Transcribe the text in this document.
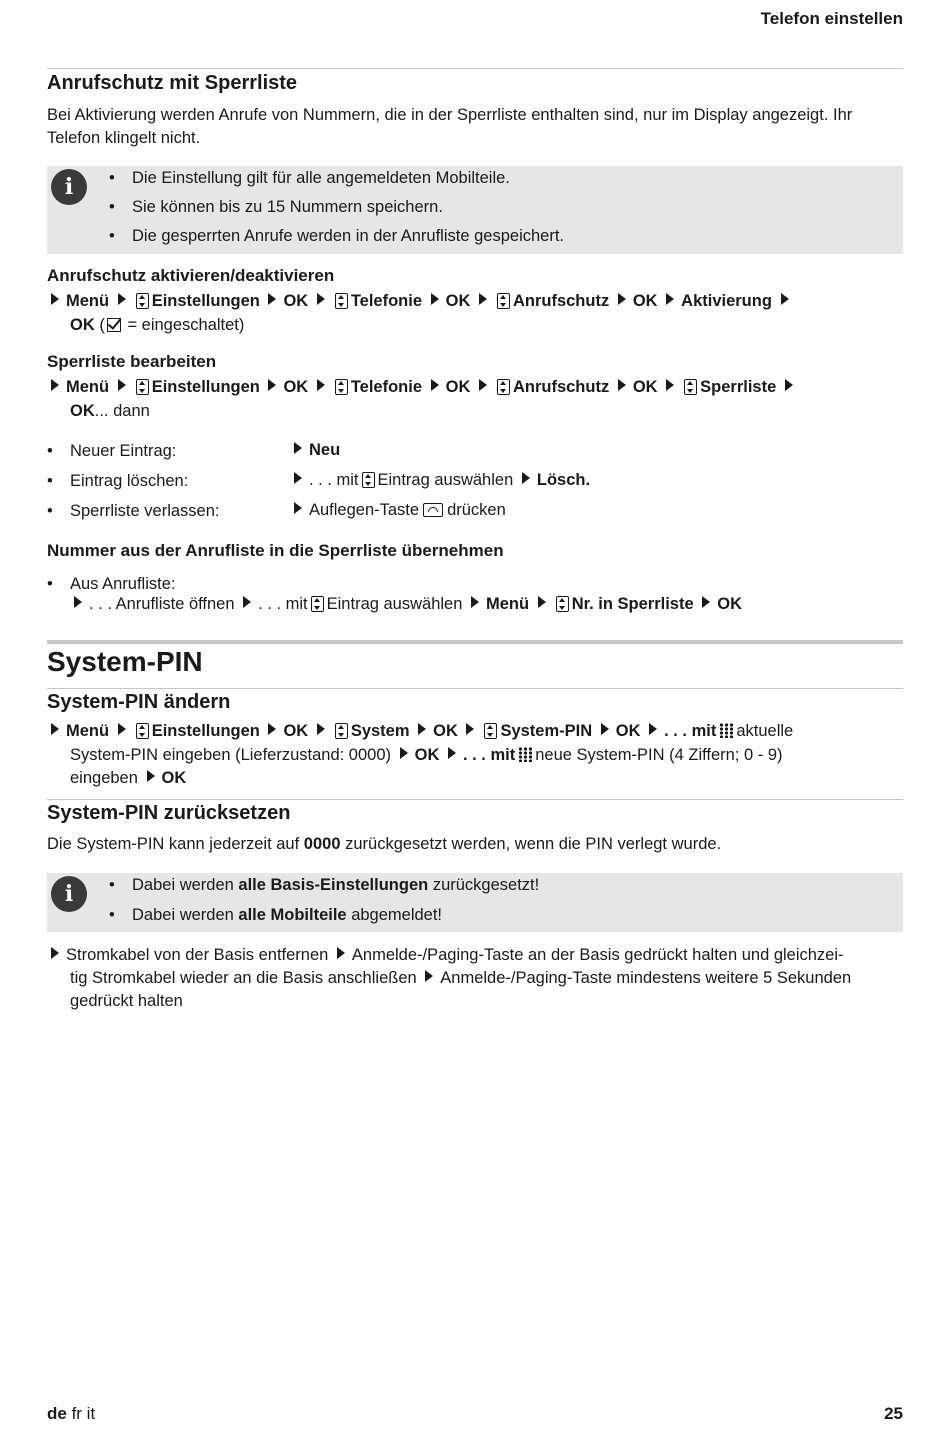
Telefon einstellen
Anrufschutz mit Sperrliste
Bei Aktivierung werden Anrufe von Nummern, die in der Sperrliste enthalten sind, nur im Display angezeigt. Ihr Telefon klingelt nicht.
i	• Die Einstellung gilt für alle angemeldeten Mobilteile.
• Sie können bis zu 15 Nummern speichern.
• Die gesperrten Anrufe werden in der Anrufliste gespeichert.
Anrufschutz aktivieren/deaktivieren
Menü	Einstellungen OK	Telefonie OK	Anrufschutz OK Aktivierung
OK ( = eingeschaltet)
Sperrliste bearbeiten
Menü	Einstellungen OK	Telefonie OK	Anrufschutz OK	Sperrliste
OK... dann
• Neuer Eintrag:	Neu
• Eintrag löschen:	. . . mit Eintrag auswählen Lösch.
• Sperrliste verlassen:	Auflegen-Taste drücken
Nummer aus der Anrufliste in die Sperrliste übernehmen
• Aus Anrufliste:
. . . Anrufliste öffnen . . . mit Eintrag auswählen Menü	Nr. in Sperrliste OK
System-PIN
System-PIN ändern
Menü	Einstellungen OK	System OK	System-PIN OK . . . mit aktuelle
System-PIN eingeben (Lieferzustand: 0000) OK . . . mit neue System-PIN (4 Ziffern; 0 - 9)
eingeben OK
System-PIN zurücksetzen
Die System-PIN kann jederzeit auf 0000 zurückgesetzt werden, wenn die PIN verlegt wurde.
i	• Dabei werden alle Basis-Einstellungen zurückgesetzt!
• Dabei werden alle Mobilteile abgemeldet!
Stromkabel von der Basis entfernen Anmelde-/Paging-Taste an der Basis gedrückt halten und gleichzei-
tig Stromkabel wieder an die Basis anschließen Anmelde-/Paging-Taste mindestens weitere 5 Sekunden
gedrückt halten
de fr it	25
